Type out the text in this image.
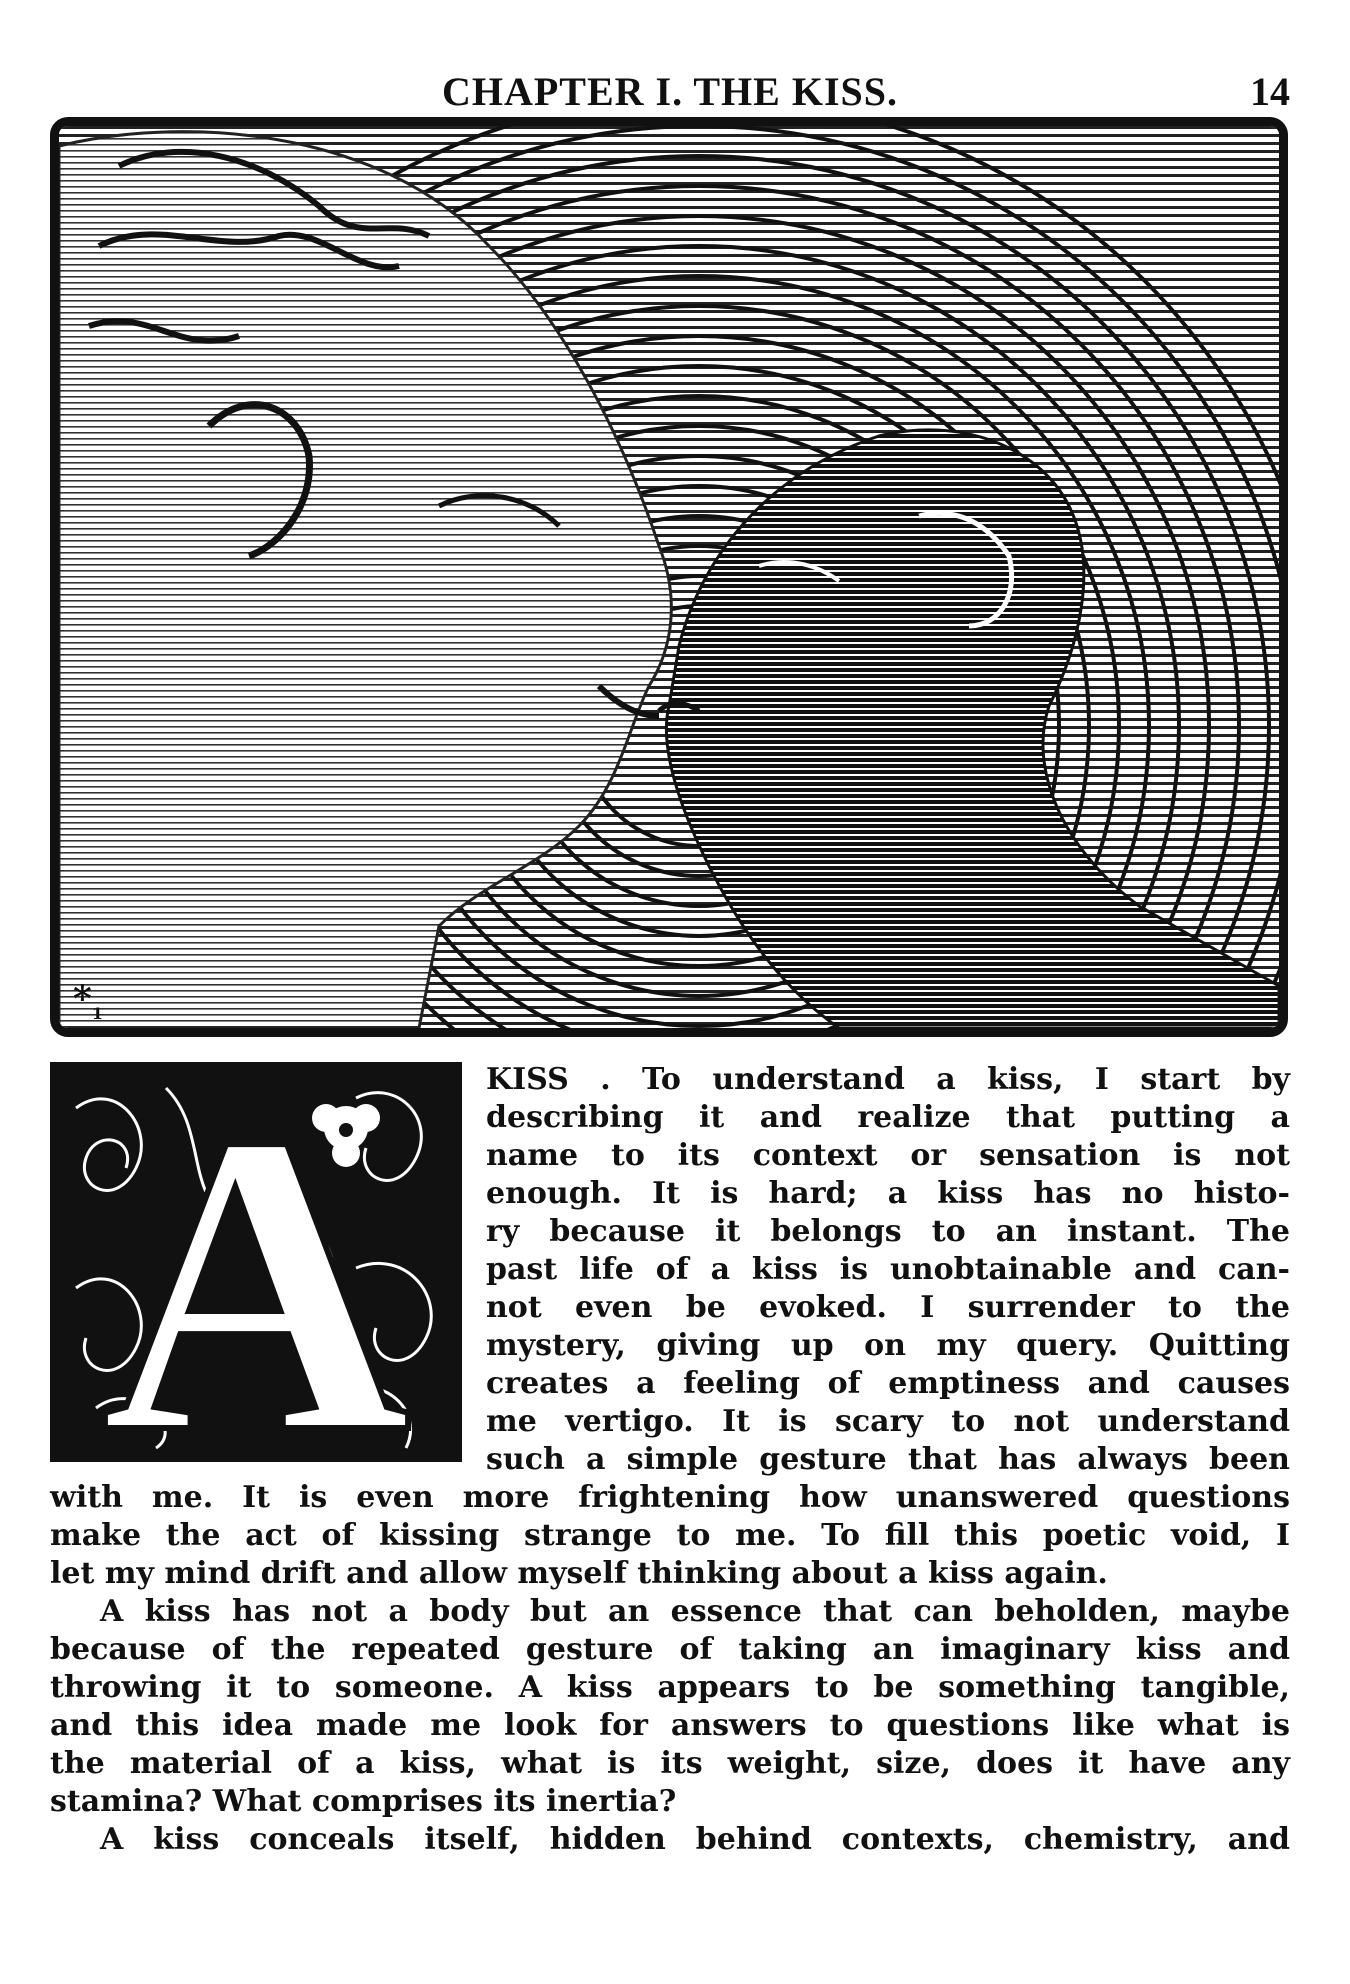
CHAPTER I. THE KISS.	14
$*_1$
A KISS . To understand a kiss, I start by
describing it and realize that putting a
name to its context or sensation is not
enough. It is hard; a kiss has no histo-
ry because it belongs to an instant. The
past life of a kiss is unobtainable and can-
not even be evoked. I surrender to the
mystery, giving up on my query. Quitting
creates a feeling of emptiness and causes
me vertigo. It is scary to not understand
such a simple gesture that has always been
with me. It is even more frightening how unanswered questions
make the act of kissing strange to me. To fill this poetic void, I
let my mind drift and allow myself thinking about a kiss again.
A kiss has not a body but an essence that can beholden, maybe
because of the repeated gesture of taking an imaginary kiss and
throwing it to someone. A kiss appears to be something tangible,
and this idea made me look for answers to questions like what is
the material of a kiss, what is its weight, size, does it have any
stamina? What comprises its inertia?
A kiss conceals itself, hidden behind contexts, chemistry, and
